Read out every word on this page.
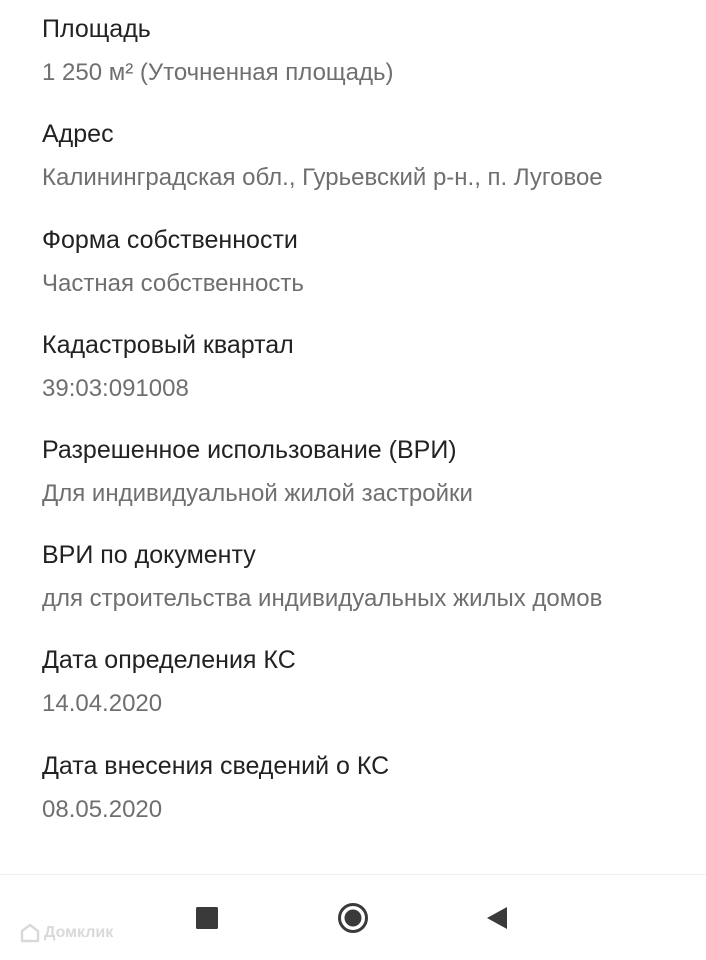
Площадь
1 250 м² (Уточненная площадь)
Адрес
Калининградская обл., Гурьевский р-н., п. Луговое
Форма собственности
Частная собственность
Кадастровый квартал
39:03:091008
Разрешенное использование (ВРИ)
Для индивидуальной жилой застройки
ВРИ по документу
для строительства индивидуальных жилых домов
Дата определения КС
14.04.2020
Дата внесения сведений о КС
08.05.2020
Домклик
